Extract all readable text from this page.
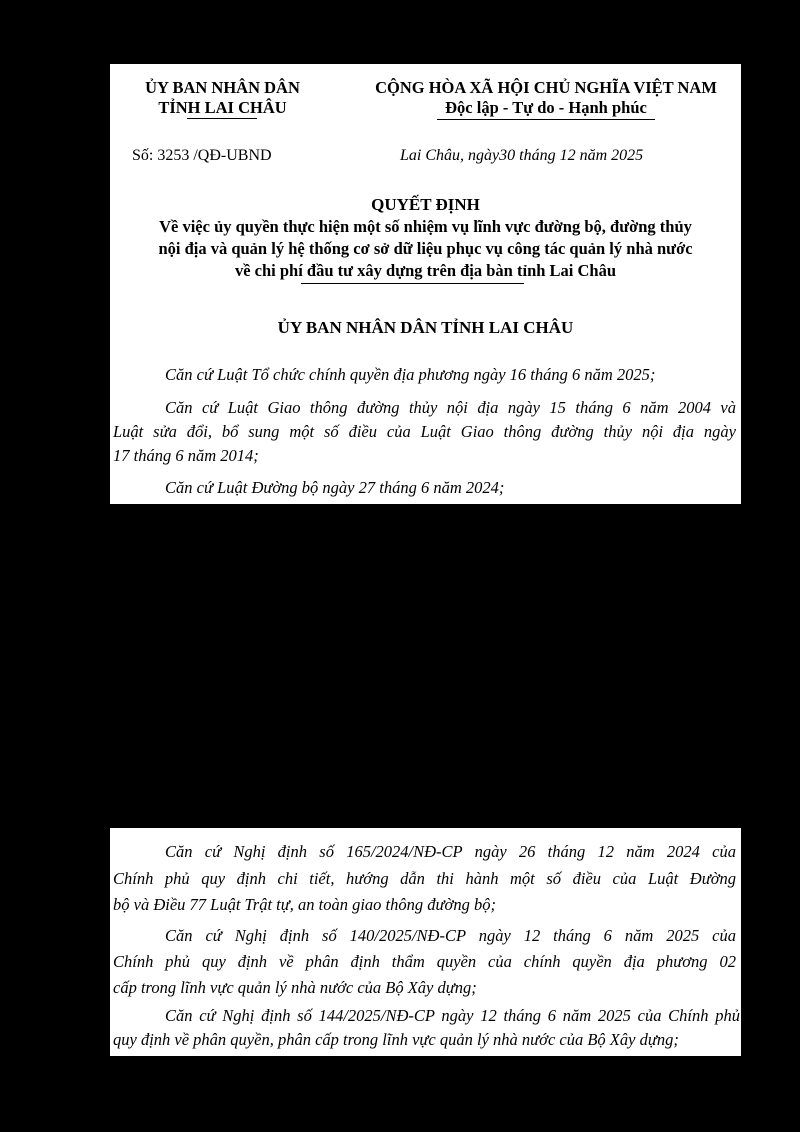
ỦY BAN NHÂN DÂN
TỈNH LAI CHÂU
Số: 3253 /QĐ-UBND
CỘNG HÒA XÃ HỘI CHỦ NGHĨA VIỆT NAM
Độc lập - Tự do - Hạnh phúc
Lai Châu, ngày30 tháng 12 năm 2025
QUYẾT ĐỊNH
Về việc ủy quyền thực hiện một số nhiệm vụ lĩnh vực đường bộ, đường thủy
nội địa và quản lý hệ thống cơ sở dữ liệu phục vụ công tác quản lý nhà nước
về chi phí đầu tư xây dựng trên địa bàn tỉnh Lai Châu
ỦY BAN NHÂN DÂN TỈNH LAI CHÂU
Căn cứ Luật Tổ chức chính quyền địa phương ngày 16 tháng 6 năm 2025;
Căn cứ Luật Giao thông đường thủy nội địa ngày 15 tháng 6 năm 2004 và
Luật sửa đổi, bổ sung một số điều của Luật Giao thông đường thủy nội địa ngày
17 tháng 6 năm 2014;
Căn cứ Luật Đường bộ ngày 27 tháng 6 năm 2024;
Căn cứ Nghị định số 165/2024/NĐ-CP ngày 26 tháng 12 năm 2024 của
Chính phủ quy định chi tiết, hướng dẫn thi hành một số điều của Luật Đường
bộ và Điều 77 Luật Trật tự, an toàn giao thông đường bộ;
Căn cứ Nghị định số 140/2025/NĐ-CP ngày 12 tháng 6 năm 2025 của
Chính phủ quy định về phân định thẩm quyền của chính quyền địa phương 02
cấp trong lĩnh vực quản lý nhà nước của Bộ Xây dựng;
Căn cứ Nghị định số 144/2025/NĐ-CP ngày 12 tháng 6 năm 2025 của Chính phủ
quy định về phân quyền, phân cấp trong lĩnh vực quản lý nhà nước của Bộ Xây dựng;
